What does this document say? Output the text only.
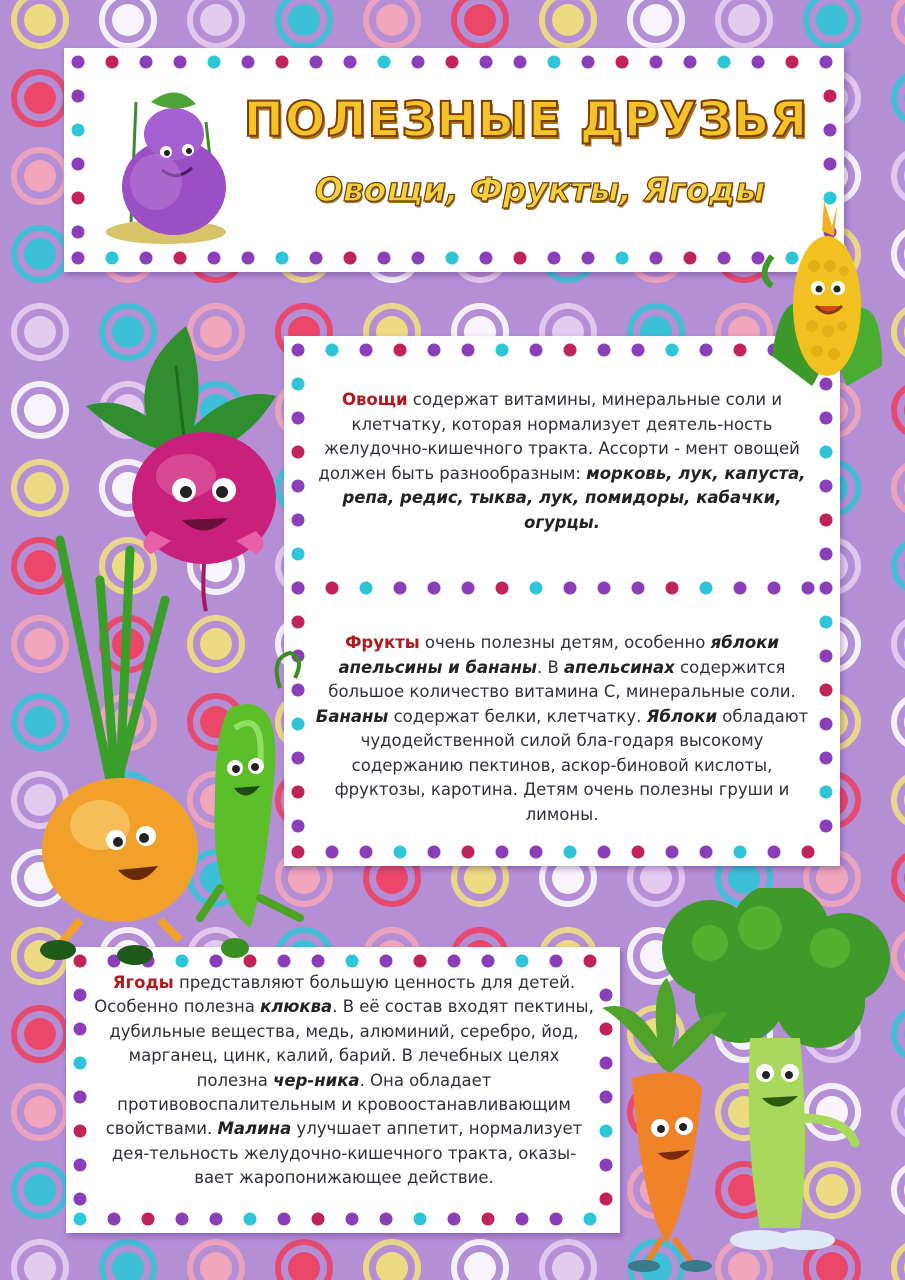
ПОЛЕЗНЫЕ ДРУЗЬЯ
Овощи, Фрукты, Ягоды
Овощи содержат витамины, минеральные соли и клетчатку, которая нормализует деятель-ность желудочно-кишечного тракта. Ассорти - мент овощей должен быть разнообразным: морковь, лук, капуста, репа, редис, тыква, лук, помидоры, кабачки, огурцы.
Фрукты очень полезны детям, особенно яблоки апельсины и бананы. В апельсинах содержится большое количество витамина С, минеральные соли. Бананы содержат белки, клетчатку. Яблоки обладают чудодейственной силой бла-годаря высокому содержанию пектинов, аскор-биновой кислоты, фруктозы, каротина. Детям очень полезны груши и лимоны.
Ягоды представляют большую ценность для детей. Особенно полезна клюква. В её состав входят пектины, дубильные вещества, медь, алюминий, серебро, йод, марганец, цинк, калий, барий. В лечебных целях полезна чер-ника. Она обладает противовоспалительным и кровоостанавливающим свойствами. Малина улучшает аппетит, нормализует дея-тельность желудочно-кишечного тракта, оказы-вает жаропонижающее действие.
